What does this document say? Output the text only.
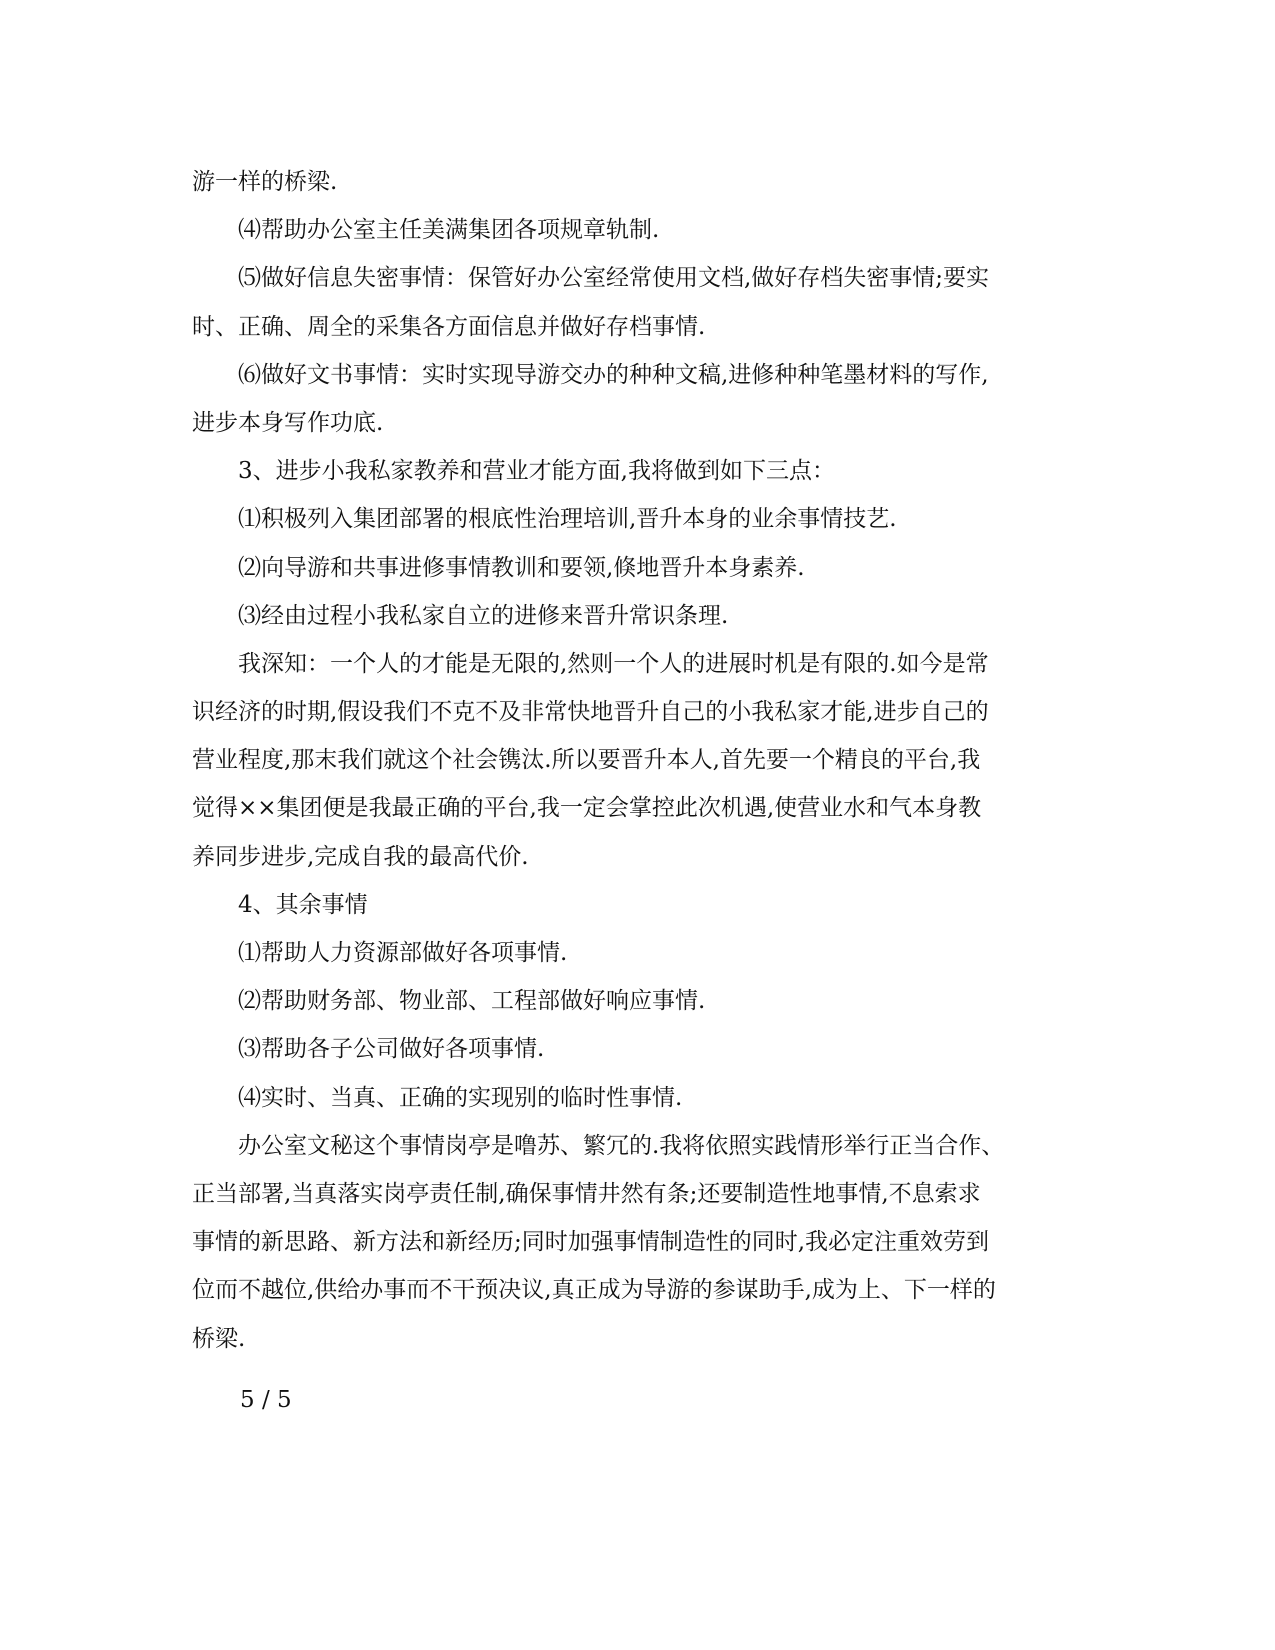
游一样的桥梁.
⑷帮助办公室主任美满集团各项规章轨制.
⑸做好信息失密事情：保管好办公室经常使用文档,做好存档失密事情;要实
时、正确、周全的采集各方面信息并做好存档事情.
⑹做好文书事情：实时实现导游交办的种种文稿,进修种种笔墨材料的写作,
进步本身写作功底.
3、进步小我私家教养和营业才能方面,我将做到如下三点：
⑴积极列入集团部署的根底性治理培训,晋升本身的业余事情技艺.
⑵向导游和共事进修事情教训和要领,倏地晋升本身素养.
⑶经由过程小我私家自立的进修来晋升常识条理.
我深知：一个人的才能是无限的,然则一个人的进展时机是有限的.如今是常
识经济的时期,假设我们不克不及非常快地晋升自己的小我私家才能,进步自己的
营业程度,那末我们就这个社会镌汰.所以要晋升本人,首先要一个精良的平台,我
觉得××集团便是我最正确的平台,我一定会掌控此次机遇,使营业水和气本身教
养同步进步,完成自我的最高代价.
4、其余事情
⑴帮助人力资源部做好各项事情.
⑵帮助财务部、物业部、工程部做好响应事情.
⑶帮助各子公司做好各项事情.
⑷实时、当真、正确的实现别的临时性事情.
办公室文秘这个事情岗亭是噜苏、繁冗的.我将依照实践情形举行正当合作、
正当部署,当真落实岗亭责任制,确保事情井然有条;还要制造性地事情,不息索求
事情的新思路、新方法和新经历;同时加强事情制造性的同时,我必定注重效劳到
位而不越位,供给办事而不干预决议,真正成为导游的参谋助手,成为上、下一样的
桥梁.
5 / 5
